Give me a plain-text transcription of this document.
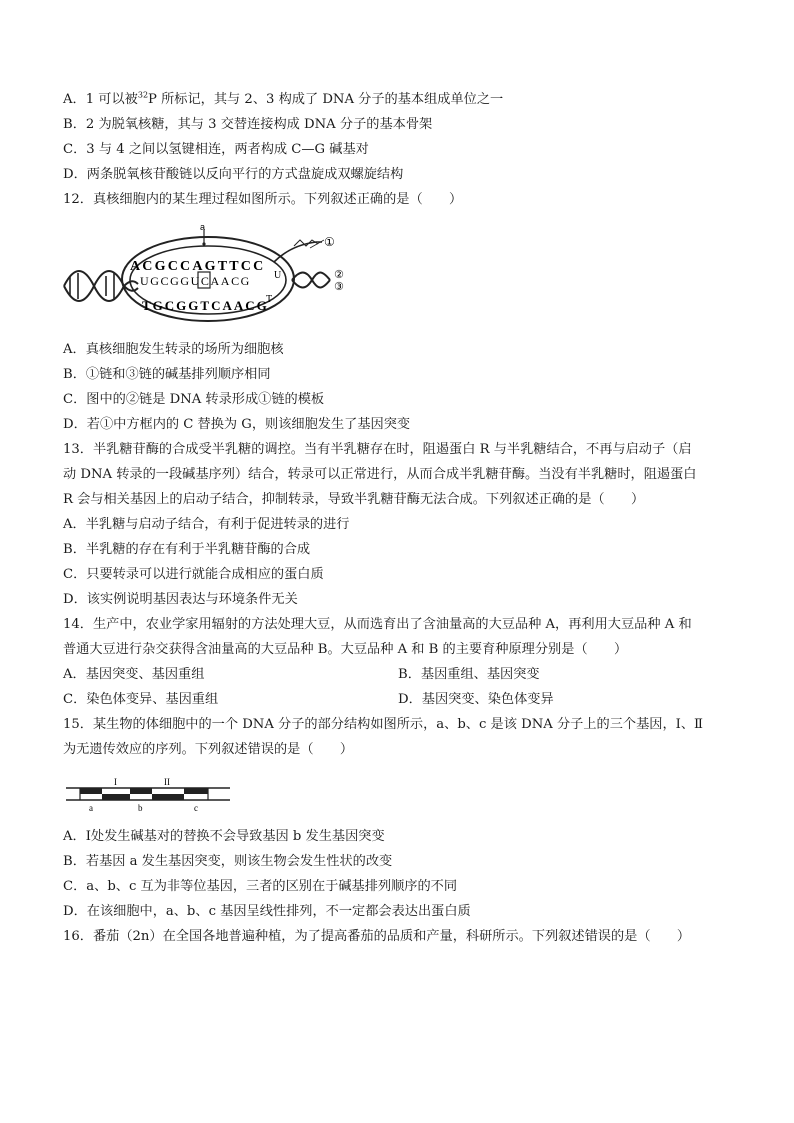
A．1 可以被$^{32}$P 所标记，其与 2、3 构成了 DNA 分子的基本组成单位之一
B．2 为脱氧核糖，其与 3 交替连接构成 DNA 分子的基本骨架
C．3 与 4 之间以氢键相连，两者构成 C—G 碱基对
D．两条脱氧核苷酸链以反向平行的方式盘旋成双螺旋结构
12．真核细胞内的某生理过程如图所示。下列叙述正确的是（　　）
a
①
②
③
ACGCCAGTTCC
UGCGGUCAACG
TGCGGTCAACG
U
T
A．真核细胞发生转录的场所为细胞核
B．①链和③链的碱基排列顺序相同
C．图中的②链是 DNA 转录形成①链的模板
D．若①中方框内的 C 替换为 G，则该细胞发生了基因突变
13．半乳糖苷酶的合成受半乳糖的调控。当有半乳糖存在时，阻遏蛋白 R 与半乳糖结合，不再与启动子（启
动 DNA 转录的一段碱基序列）结合，转录可以正常进行，从而合成半乳糖苷酶。当没有半乳糖时，阻遏蛋白
R 会与相关基因上的启动子结合，抑制转录，导致半乳糖苷酶无法合成。下列叙述正确的是（　　）
A．半乳糖与启动子结合，有利于促进转录的进行
B．半乳糖的存在有利于半乳糖苷酶的合成
C．只要转录可以进行就能合成相应的蛋白质
D．该实例说明基因表达与环境条件无关
14．生产中，农业学家用辐射的方法处理大豆，从而选育出了含油量高的大豆品种 A，再利用大豆品种 A 和
普通大豆进行杂交获得含油量高的大豆品种 B。大豆品种 A 和 B 的主要育种原理分别是（　　）
A．基因突变、基因重组	B．基因重组、基因突变
C．染色体变异、基因重组	D．基因突变、染色体变异
15．某生物的体细胞中的一个 DNA 分子的部分结构如图所示，a、b、c 是该 DNA 分子上的三个基因，Ⅰ、Ⅱ
为无遗传效应的序列。下列叙述错误的是（　　）
I	II
a	b	c
A．Ⅰ处发生碱基对的替换不会导致基因 b 发生基因突变
B．若基因 a 发生基因突变，则该生物会发生性状的改变
C．a、b、c 互为非等位基因，三者的区别在于碱基排列顺序的不同
D．在该细胞中，a、b、c 基因呈线性排列，不一定都会表达出蛋白质
16．番茄（2n）在全国各地普遍种植，为了提高番茄的品质和产量，科研所示。下列叙述错误的是（　　）
